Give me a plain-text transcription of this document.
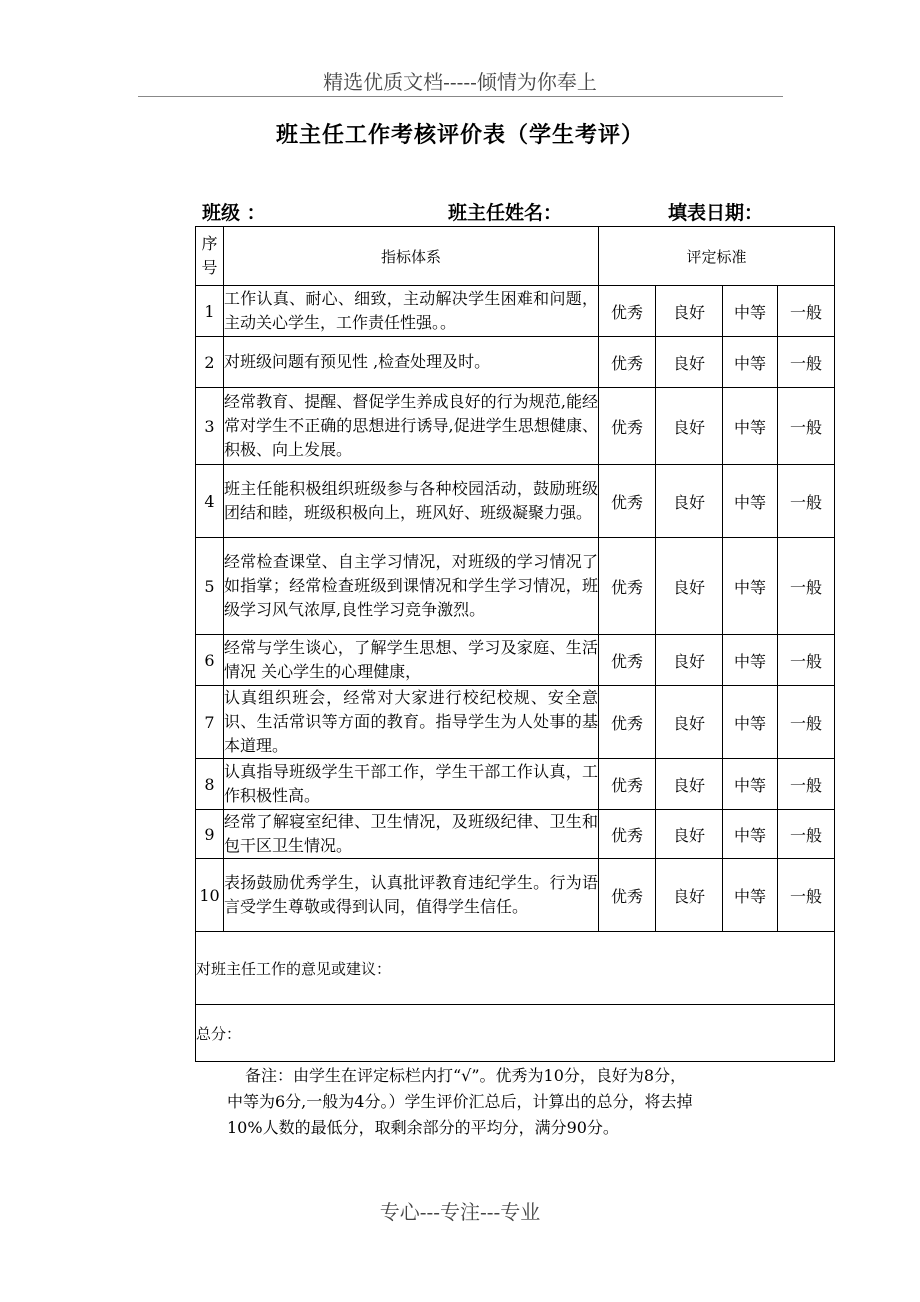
精选优质文档-----倾情为你奉上
班主任工作考核评价表（学生考评）
班级 ：	班主任姓名：	填表日期：
序号	指标体系	评定标准			
1	工作认真、耐心、细致，主动解决学生困难和问题，主动关心学生，工作责任性强。。	优秀	良好	中等	一般
2	对班级问题有预见性 ,检查处理及时。	优秀	良好	中等	一般
3	经常教育、提醒、督促学生养成良好的行为规范,能经常对学生不正确的思想进行诱导,促进学生思想健康、积极、向上发展。	优秀	良好	中等	一般
4	班主任能积极组织班级参与各种校园活动，鼓励班级团结和睦，班级积极向上，班风好、班级凝聚力强。	优秀	良好	中等	一般
5	经常检查课堂、自主学习情况，对班级的学习情况了如指掌；经常检查班级到课情况和学生学习情况，班级学习风气浓厚,良性学习竞争激烈。	优秀	良好	中等	一般
6	经常与学生谈心，了解学生思想、学习及家庭、生活情况 关心学生的心理健康，	优秀	良好	中等	一般
7	认真组织班会，经常对大家进行校纪校规、安全意识、生活常识等方面的教育。指导学生为人处事的基本道理。	优秀	良好	中等	一般
8	认真指导班级学生干部工作，学生干部工作认真，工作积极性高。	优秀	良好	中等	一般
9	经常了解寝室纪律、卫生情况，及班级纪律、卫生和包干区卫生情况。	优秀	良好	中等	一般
10	表扬鼓励优秀学生，认真批评教育违纪学生。行为语言受学生尊敬或得到认同，值得学生信任。	优秀	良好	中等	一般
对班主任工作的意见或建议：					
总分：					
备注：由学生在评定标栏内打“√”。优秀为10分，良好为8分，
中等为6分,一般为4分。）学生评价汇总后，计算出的总分，将去掉
10%人数的最低分，取剩余部分的平均分，满分90分。
专心---专注---专业
